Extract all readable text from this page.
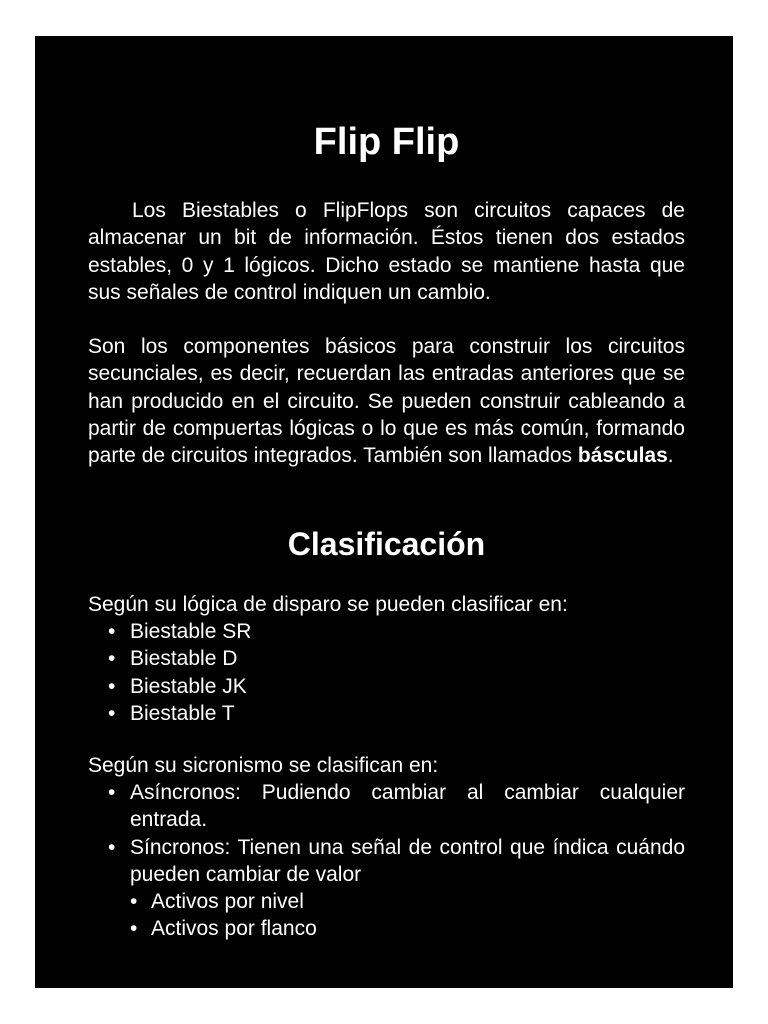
Flip Flip

Los Biestables o FlipFlops son circuitos capaces de almacenar un bit de información. Éstos tienen dos estados estables, 0 y 1 lógicos. Dicho estado se mantiene hasta que sus señales de control indiquen un cambio.

Son los componentes básicos para construir los circuitos secunciales, es decir, recuerdan las entradas anteriores que se han producido en el circuito. Se pueden construir cableando a partir de compuertas lógicas o lo que es más común, formando parte de circuitos integrados. También son llamados básculas.

Clasificación

Según su lógica de disparo se pueden clasificar en:

• Biestable SR
• Biestable D
• Biestable JK
• Biestable T

Según su sicronismo se clasifican en:

• Asíncronos: Pudiendo cambiar al cambiar cualquier entrada.
• Síncronos: Tienen una señal de control que índica cuándo pueden cambiar de valor
• Activos por nivel
• Activos por flanco
